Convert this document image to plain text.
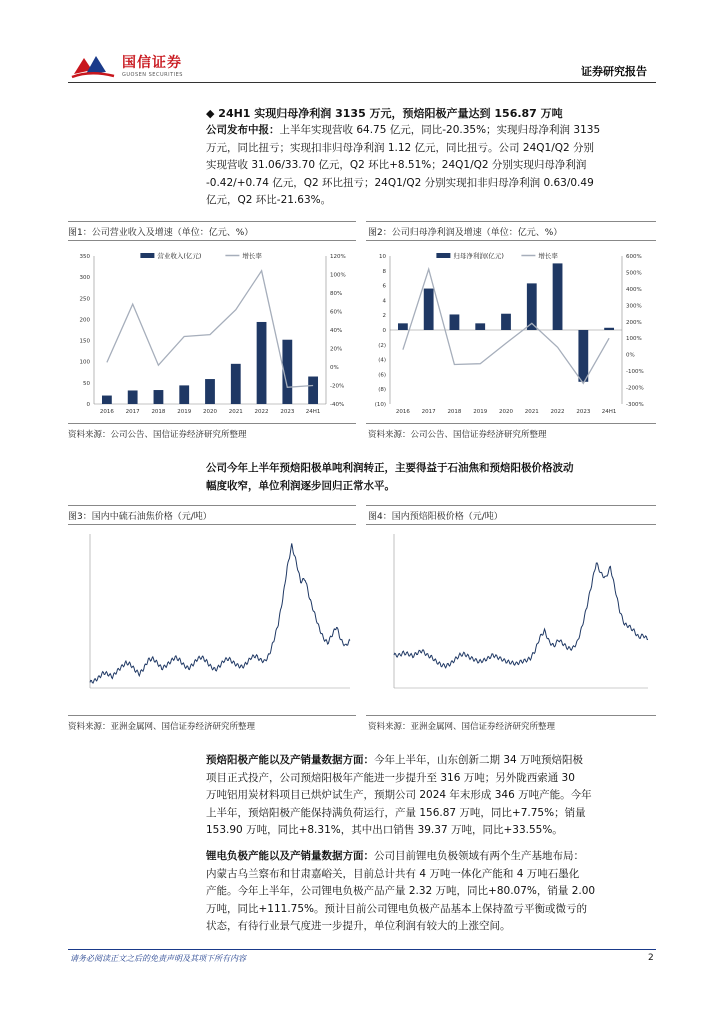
国信证券
GUOSEN SECURITIES	证券研究报告
◆ 24H1 实现归母净利润 3135 万元，预焙阳极产量达到 156.87 万吨
公司发布中报：上半年实现营收 64.75 亿元，同比-20.35%；实现归母净利润 3135
万元，同比扭亏；实现扣非归母净利润 1.12 亿元，同比扭亏。公司 24Q1/Q2 分别
实现营收 31.06/33.70 亿元，Q2 环比+8.51%；24Q1/Q2 分别实现归母净利润
-0.42/+0.74 亿元，Q2 环比扭亏；24Q1/Q2 分别实现扣非归母净利润 0.63/0.49
亿元，Q2 环比-21.63%。
图1：公司营业收入及增速（单位：亿元、%）	图2：公司归母净利润及增速（单位：亿元、%）
0
50
100
150
200
250
300
350
-40%
-20%
0%
20%
40%
60%
80%
100%
120%
2016 2017 2018 2019 2020 2021 2022 2023 24H1
营业收入(亿元)	增长率
(10)
(8)
(6)
(4)
(2)
0
2
4
6
8
10
-300%
-200%
-100%
0%
100%
200%
300%
400%
500%
600%
2016 2017 2018 2019 2020 2021 2022 2023 24H1
归母净利润(亿元)	增长率
资料来源：公司公告、国信证券经济研究所整理	资料来源：公司公告、国信证券经济研究所整理
公司今年上半年预焙阳极单吨利润转正，主要得益于石油焦和预焙阳极价格波动
幅度收窄，单位利润逐步回归正常水平。
图3：国内中硫石油焦价格（元/吨）	图4：国内预焙阳极价格（元/吨）
资料来源：亚洲金属网、国信证券经济研究所整理	资料来源：亚洲金属网、国信证券经济研究所整理
预焙阳极产能以及产销量数据方面：今年上半年，山东创新二期 34 万吨预焙阳极
项目正式投产，公司预焙阳极年产能进一步提升至 316 万吨；另外陇西索通 30
万吨铝用炭材料项目已烘炉试生产，预期公司 2024 年末形成 346 万吨产能。今年
上半年，预焙阳极产能保持满负荷运行，产量 156.87 万吨，同比+7.75%；销量
153.90 万吨，同比+8.31%，其中出口销售 39.37 万吨，同比+33.55%。
锂电负极产能以及产销量数据方面：公司目前锂电负极领域有两个生产基地布局：
内蒙古乌兰察布和甘肃嘉峪关，目前总计共有 4 万吨一体化产能和 4 万吨石墨化
产能。今年上半年，公司锂电负极产品产量 2.32 万吨，同比+80.07%，销量 2.00
万吨，同比+111.75%。预计目前公司锂电负极产品基本上保持盈亏平衡或微亏的
状态，有待行业景气度进一步提升，单位利润有较大的上涨空间。
请务必阅读正文之后的免责声明及其项下所有内容	2
